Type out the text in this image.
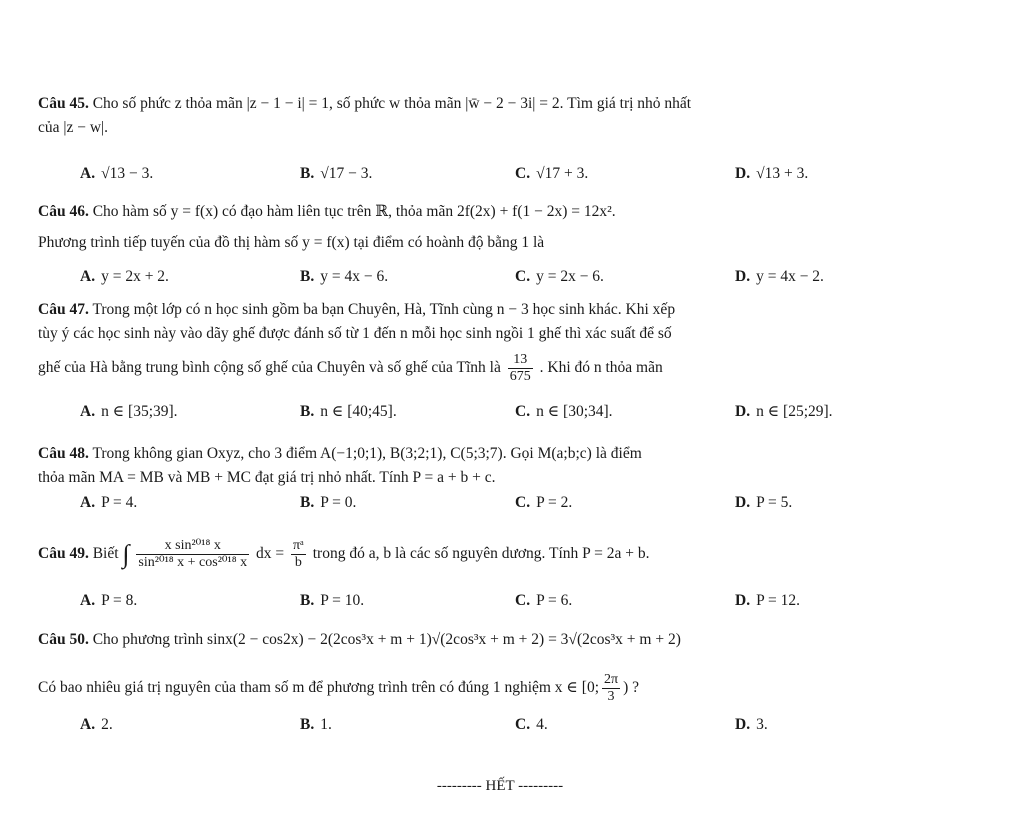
Câu 45. Cho số phức z thỏa mãn |z − 1 − i| = 1, số phức w thỏa mãn |w̄ − 2 − 3i| = 2. Tìm giá trị nhỏ nhất
của |z − w|.
A. √13 − 3.	B. √17 − 3.	C. √17 + 3.	D. √13 + 3.
Câu 46. Cho hàm số y = f(x) có đạo hàm liên tục trên ℝ, thỏa mãn 2f(2x) + f(1 − 2x) = 12x².
Phương trình tiếp tuyến của đồ thị hàm số y = f(x) tại điểm có hoành độ bằng 1 là
A. y = 2x + 2.	B. y = 4x − 6.	C. y = 2x − 6.	D. y = 4x − 2.
Câu 47. Trong một lớp có n học sinh gồm ba bạn Chuyên, Hà, Tĩnh cùng n − 3 học sinh khác. Khi xếp
tùy ý các học sinh này vào dãy ghế được đánh số từ 1 đến n mỗi học sinh ngồi 1 ghế thì xác suất để số
ghế của Hà bằng trung bình cộng số ghế của Chuyên và số ghế của Tĩnh là $\frac{13}{675}$ . Khi đó n thỏa mãn
A. n ∈ [35;39].	B. n ∈ [40;45].	C. n ∈ [30;34].	D. n ∈ [25;29].
Câu 48. Trong không gian Oxyz, cho 3 điểm A(−1;0;1), B(3;2;1), C(5;3;7). Gọi M(a;b;c) là điểm
thỏa mãn MA = MB và MB + MC đạt giá trị nhỏ nhất. Tính P = a + b + c.
A. P = 4.	B. P = 0.	C. P = 2.	D. P = 5.
Câu 49. Biết ∫ $\frac{\text{x sin²⁰¹⁸ x}}{\text{sin²⁰¹⁸ x + cos²⁰¹⁸ x}}$ dx = $\frac{\text{πᵃ}}{b}$ trong đó a, b là các số nguyên dương. Tính P = 2a + b.
A. P = 8.	B. P = 10.	C. P = 6.	D. P = 12.
Câu 50. Cho phương trình sinx(2 − cos2x) − 2(2cos³x + m + 1)√(2cos³x + m + 2) = 3√(2cos³x + m + 2)
Có bao nhiêu giá trị nguyên của tham số m để phương trình trên có đúng 1 nghiệm x ∈ [0; $\frac{2\pi}{3}$ ) ?
A. 2.	B. 1.	C. 4.	D. 3.
--------- HẾT ---------
